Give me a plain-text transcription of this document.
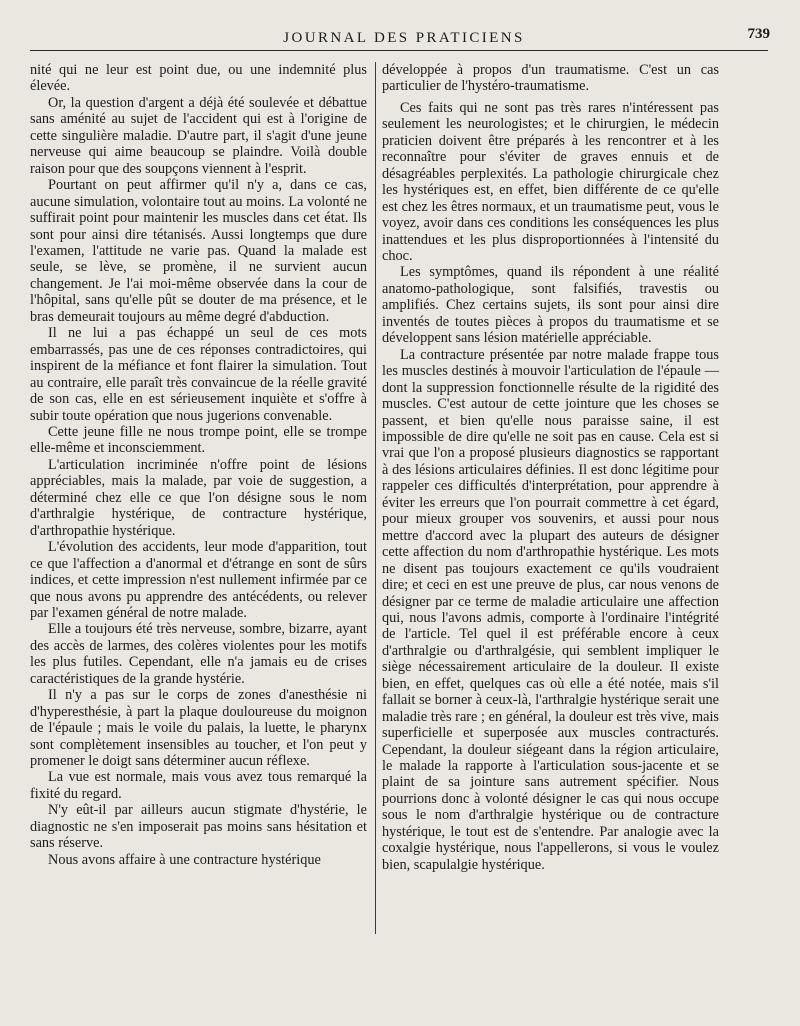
JOURNAL DES PRATICIENS	739

nité qui ne leur est point due, ou une indemnité plus élevée.

Or, la question d'argent a déjà été soulevée et débattue sans aménité au sujet de l'accident qui est à l'origine de cette singulière maladie. D'autre part, il s'agit d'une jeune nerveuse qui aime beaucoup se plaindre. Voilà double raison pour que des soupçons viennent à l'esprit.

Pourtant on peut affirmer qu'il n'y a, dans ce cas, aucune simulation, volontaire tout au moins. La volonté ne suffirait point pour maintenir les muscles dans cet état. Ils sont pour ainsi dire tétanisés. Aussi longtemps que dure l'examen, l'attitude ne varie pas. Quand la malade est seule, se lève, se promène, il ne survient aucun changement. Je l'ai moi-même observée dans la cour de l'hôpital, sans qu'elle pût se douter de ma présence, et le bras demeurait toujours au même degré d'abduction.

Il ne lui a pas échappé un seul de ces mots embarrassés, pas une de ces réponses contradictoires, qui inspirent de la méfiance et font flairer la simulation. Tout au contraire, elle paraît très convaincue de la réelle gravité de son cas, elle en est sérieusement inquiète et s'offre à subir toute opération que nous jugerions convenable.

Cette jeune fille ne nous trompe point, elle se trompe elle-même et inconsciemment.

L'articulation incriminée n'offre point de lésions appréciables, mais la malade, par voie de suggestion, a déterminé chez elle ce que l'on désigne sous le nom d'arthralgie hystérique, de contracture hystérique, d'arthropathie hystérique.

L'évolution des accidents, leur mode d'apparition, tout ce que l'affection a d'anormal et d'étrange en sont de sûrs indices, et cette impression n'est nullement infirmée par ce que nous avons pu apprendre des antécédents, ou relever par l'examen général de notre malade.

Elle a toujours été très nerveuse, sombre, bizarre, ayant des accès de larmes, des colères violentes pour les motifs les plus futiles. Cependant, elle n'a jamais eu de crises caractéristiques de la grande hystérie.

Il n'y a pas sur le corps de zones d'anesthésie ni d'hyperesthésie, à part la plaque douloureuse du moignon de l'épaule ; mais le voile du palais, la luette, le pharynx sont complètement insensibles au toucher, et l'on peut y promener le doigt sans déterminer aucun réflexe.

La vue est normale, mais vous avez tous remarqué la fixité du regard.

N'y eût-il par ailleurs aucun stigmate d'hystérie, le diagnostic ne s'en imposerait pas moins sans hésitation et sans réserve.

Nous avons affaire à une contracture hystérique

développée à propos d'un traumatisme. C'est un cas particulier de l'hystéro-traumatisme.

Ces faits qui ne sont pas très rares n'intéressent pas seulement les neurologistes; et le chirurgien, le médecin praticien doivent être préparés à les rencontrer et à les reconnaître pour s'éviter de graves ennuis et de désagréables perplexités. La pathologie chirurgicale chez les hystériques est, en effet, bien différente de ce qu'elle est chez les êtres normaux, et un traumatisme peut, vous le voyez, avoir dans ces conditions les conséquences les plus inattendues et les plus disproportionnées à l'intensité du choc.

Les symptômes, quand ils répondent à une réalité anatomo-pathologique, sont falsifiés, travestis ou amplifiés. Chez certains sujets, ils sont pour ainsi dire inventés de toutes pièces à propos du traumatisme et se développent sans lésion matérielle appréciable.

La contracture présentée par notre malade frappe tous les muscles destinés à mouvoir l'articulation de l'épaule — dont la suppression fonctionnelle résulte de la rigidité des muscles. C'est autour de cette jointure que les choses se passent, et bien qu'elle nous paraisse saine, il est impossible de dire qu'elle ne soit pas en cause. Cela est si vrai que l'on a proposé plusieurs diagnostics se rapportant à des lésions articulaires définies. Il est donc légitime pour rappeler ces difficultés d'interprétation, pour apprendre à éviter les erreurs que l'on pourrait commettre à cet égard, pour mieux grouper vos souvenirs, et aussi pour nous mettre d'accord avec la plupart des auteurs de désigner cette affection du nom d'arthropathie hystérique. Les mots ne disent pas toujours exactement ce qu'ils voudraient dire; et ceci en est une preuve de plus, car nous venons de désigner par ce terme de maladie articulaire une affection qui, nous l'avons admis, comporte à l'ordinaire l'intégrité de l'article. Tel quel il est préférable encore à ceux d'arthralgie ou d'arthralgésie, qui semblent impliquer le siège nécessairement articulaire de la douleur. Il existe bien, en effet, quelques cas où elle a été notée, mais s'il fallait se borner à ceux-là, l'arthralgie hystérique serait une maladie très rare ; en général, la douleur est très vive, mais superficielle et superposée aux muscles contracturés. Cependant, la douleur siégeant dans la région articulaire, le malade la rapporte à l'articulation sous-jacente et se plaint de sa jointure sans autrement spécifier. Nous pourrions donc à volonté désigner le cas qui nous occupe sous le nom d'arthralgie hystérique ou de contracture hystérique, le tout est de s'entendre. Par analogie avec la coxalgie hystérique, nous l'appellerons, si vous le voulez bien, scapulalgie hystérique.
